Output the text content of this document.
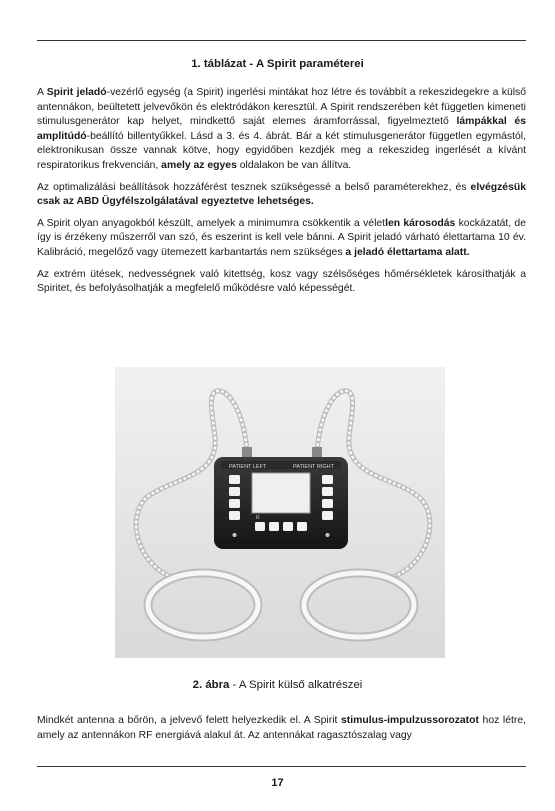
1. táblázat - A Spirit paraméterei

A Spirit jeladó-vezérlő egység (a Spirit) ingerlési mintákat hoz létre és továbbít a rekeszidegekre a külső antennákon, beültetett jelvevőkön és elektródákon keresztül. A Spirit rendszerében két független kimeneti stimulusgenerátor kap helyet, mindkettő saját elemes áramforrással, figyelmeztető lámpákkal és amplitúdó-beállító billentyűkkel. Lásd a 3. és 4. ábrát. Bár a két stimulusgenerátor független egymástól, elektronikusan össze vannak kötve, hogy egyidőben kezdjék meg a rekeszideg ingerlését a kívánt respiratorikus frekvencián, amely az egyes oldalakon be van állítva.

Az optimalizálási beállítások hozzáférést tesznek szükségessé a belső paraméterekhez, és elvégzésük csak az ABD Ügyfélszolgálatával egyeztetve lehetséges.

A Spirit olyan anyagokból készült, amelyek a minimumra csökkentik a véletlen károsodás kockázatát, de így is érzékeny műszerről van szó, és eszerint is kell vele bánni. A Spirit jeladó várható élettartama 10 év. Kalibráció, megelőző vagy ütemezett karbantartás nem szükséges a jeladó élettartama alatt.

Az extrém ütések, nedvességnek való kitettség, kosz vagy szélsőséges hőmérsékletek károsíthatják a Spiritet, és befolyásolhatják a megfelelő működésre való képességét.

PATIENT LEFT	PATIENT RIGHT
R
2. ábra - A Spirit külső alkatrészei

Mindkét antenna a bőrön, a jelvevő felett helyezkedik el. A Spirit stimulus-impulzussorozatot hoz létre, amely az antennákon RF energiává alakul át. Az antennákat ragasztószalag vagy

17
